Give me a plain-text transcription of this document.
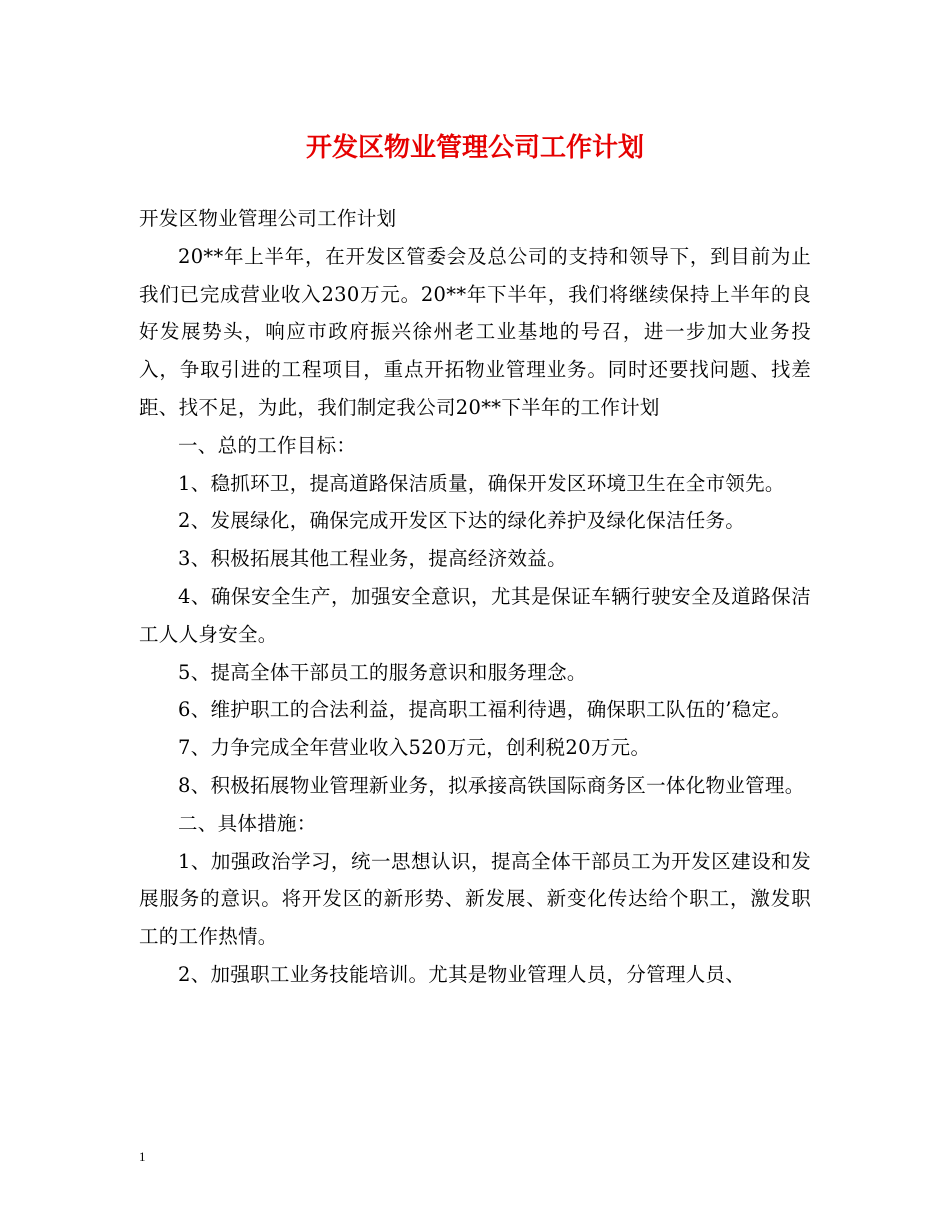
开发区物业管理公司工作计划

开发区物业管理公司工作计划

20**年上半年，在开发区管委会及总公司的支持和领导下，到目前为止我们已完成营业收入230万元。20**年下半年，我们将继续保持上半年的良好发展势头，响应市政府振兴徐州老工业基地的号召，进一步加大业务投入，争取引进的工程项目，重点开拓物业管理业务。同时还要找问题、找差距、找不足，为此，我们制定我公司20**下半年的工作计划

一、总的工作目标：

1、稳抓环卫，提高道路保洁质量，确保开发区环境卫生在全市领先。

2、发展绿化，确保完成开发区下达的绿化养护及绿化保洁任务。

3、积极拓展其他工程业务，提高经济效益。

4、确保安全生产，加强安全意识，尤其是保证车辆行驶安全及道路保洁工人人身安全。

5、提高全体干部员工的服务意识和服务理念。

6、维护职工的合法利益，提高职工福利待遇，确保职工队伍的’稳定。

7、力争完成全年营业收入520万元，创利税20万元。

8、积极拓展物业管理新业务，拟承接高铁国际商务区一体化物业管理。

二、具体措施：

1、加强政治学习，统一思想认识，提高全体干部员工为开发区建设和发展服务的意识。将开发区的新形势、新发展、新变化传达给个职工，激发职工的工作热情。

2、加强职工业务技能培训。尤其是物业管理人员，分管理人员、

1
